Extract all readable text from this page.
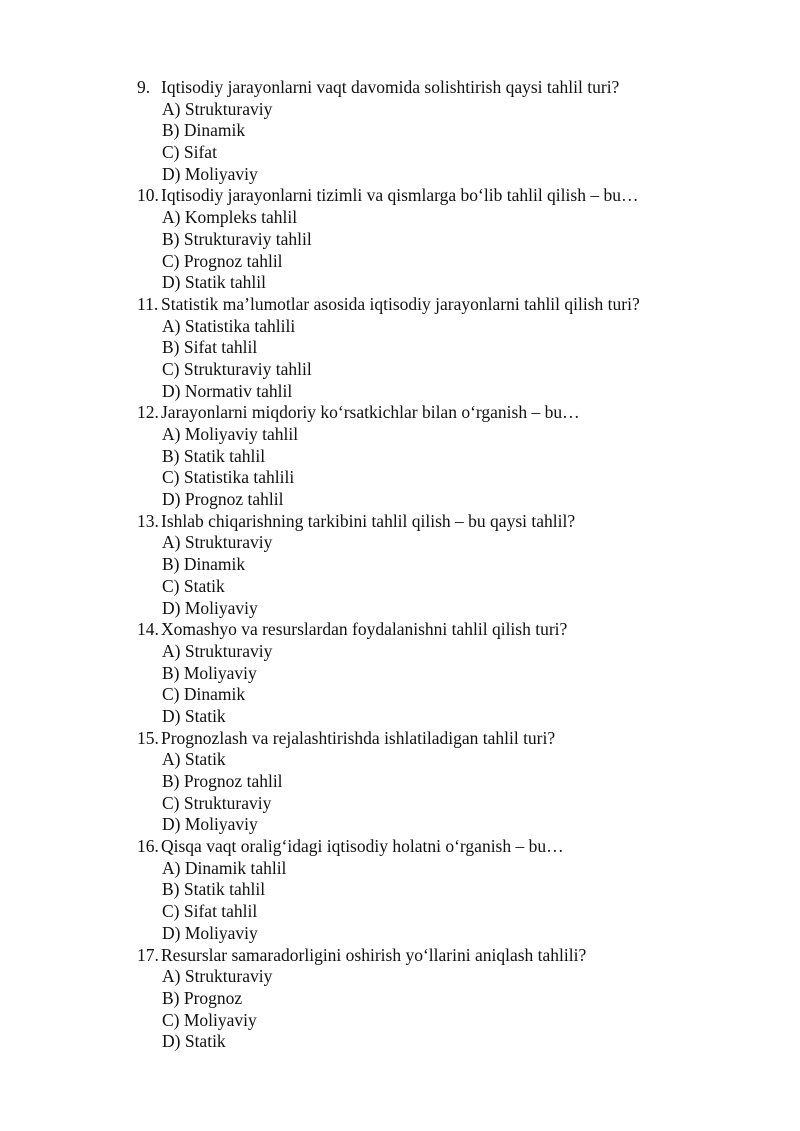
9. Iqtisodiy jarayonlarni vaqt davomida solishtirish qaysi tahlil turi?
A) Strukturaviy
B) Dinamik
C) Sifat
D) Moliyaviy
10. Iqtisodiy jarayonlarni tizimli va qismlarga bo‘lib tahlil qilish – bu…
A) Kompleks tahlil
B) Strukturaviy tahlil
C) Prognoz tahlil
D) Statik tahlil
11. Statistik ma’lumotlar asosida iqtisodiy jarayonlarni tahlil qilish turi?
A) Statistika tahlili
B) Sifat tahlil
C) Strukturaviy tahlil
D) Normativ tahlil
12. Jarayonlarni miqdoriy ko‘rsatkichlar bilan o‘rganish – bu…
A) Moliyaviy tahlil
B) Statik tahlil
C) Statistika tahlili
D) Prognoz tahlil
13. Ishlab chiqarishning tarkibini tahlil qilish – bu qaysi tahlil?
A) Strukturaviy
B) Dinamik
C) Statik
D) Moliyaviy
14. Xomashyo va resurslardan foydalanishni tahlil qilish turi?
A) Strukturaviy
B) Moliyaviy
C) Dinamik
D) Statik
15. Prognozlash va rejalashtirishda ishlatiladigan tahlil turi?
A) Statik
B) Prognoz tahlil
C) Strukturaviy
D) Moliyaviy
16. Qisqa vaqt oralig‘idagi iqtisodiy holatni o‘rganish – bu…
A) Dinamik tahlil
B) Statik tahlil
C) Sifat tahlil
D) Moliyaviy
17. Resurslar samaradorligini oshirish yo‘llarini aniqlash tahlili?
A) Strukturaviy
B) Prognoz
C) Moliyaviy
D) Statik
